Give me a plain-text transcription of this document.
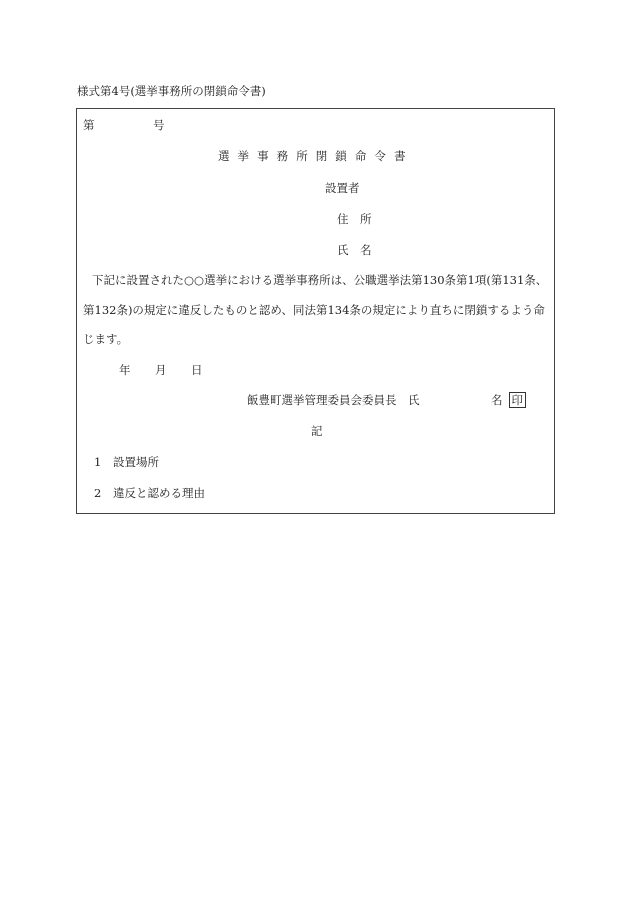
様式第4号(選挙事務所の閉鎖命令書)
第	号
選挙事務所閉鎖命令書
設置者
住　所
氏　名
下記に設置された○○選挙における選挙事務所は、公職選挙法第130条第1項(第131条、
第132条)の規定に違反したものと認め、同法第134条の規定により直ちに閉鎖するよう命
じます。
年 月 日
飯豊町選挙管理委員会委員長　氏	名 印
記
1 設置場所
2 違反と認める理由
